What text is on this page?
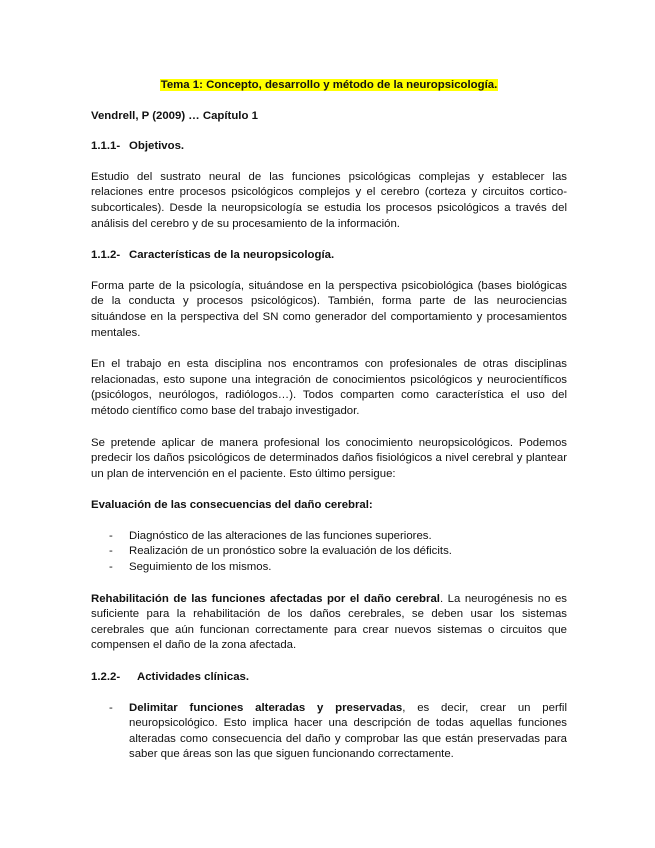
Tema 1: Concepto, desarrollo y método de la neuropsicología.
Vendrell, P (2009) … Capítulo 1
1.1.1- Objetivos.

Estudio del sustrato neural de las funciones psicológicas complejas y establecer las relaciones entre procesos psicológicos complejos y el cerebro (corteza y circuitos cortico-subcorticales). Desde la neuropsicología se estudia los procesos psicológicos a través del análisis del cerebro y de su procesamiento de la información.

1.1.2- Características de la neuropsicología.

Forma parte de la psicología, situándose en la perspectiva psicobiológica (bases biológicas de la conducta y procesos psicológicos). También, forma parte de las neurociencias situándose en la perspectiva del SN como generador del comportamiento y procesamientos mentales.

En el trabajo en esta disciplina nos encontramos con profesionales de otras disciplinas relacionadas, esto supone una integración de conocimientos psicológicos y neurocientíficos (psicólogos, neurólogos, radiólogos…). Todos comparten como característica el uso del método científico como base del trabajo investigador.

Se pretende aplicar de manera profesional los conocimiento neuropsicológicos. Podemos predecir los daños psicológicos de determinados daños fisiológicos a nivel cerebral y plantear un plan de intervención en el paciente. Esto último persigue:

Evaluación de las consecuencias del daño cerebral:
- Diagnóstico de las alteraciones de las funciones superiores.
- Realización de un pronóstico sobre la evaluación de los déficits.
- Seguimiento de los mismos.

Rehabilitación de las funciones afectadas por el daño cerebral. La neurogénesis no es suficiente para la rehabilitación de los daños cerebrales, se deben usar los sistemas cerebrales que aún funcionan correctamente para crear nuevos sistemas o circuitos que compensen el daño de la zona afectada.

1.2.2- Actividades clínicas.
- Delimitar funciones alteradas y preservadas, es decir, crear un perfil neuropsicológico. Esto implica hacer una descripción de todas aquellas funciones alteradas como consecuencia del daño y comprobar las que están preservadas para saber que áreas son las que siguen funcionando correctamente.
